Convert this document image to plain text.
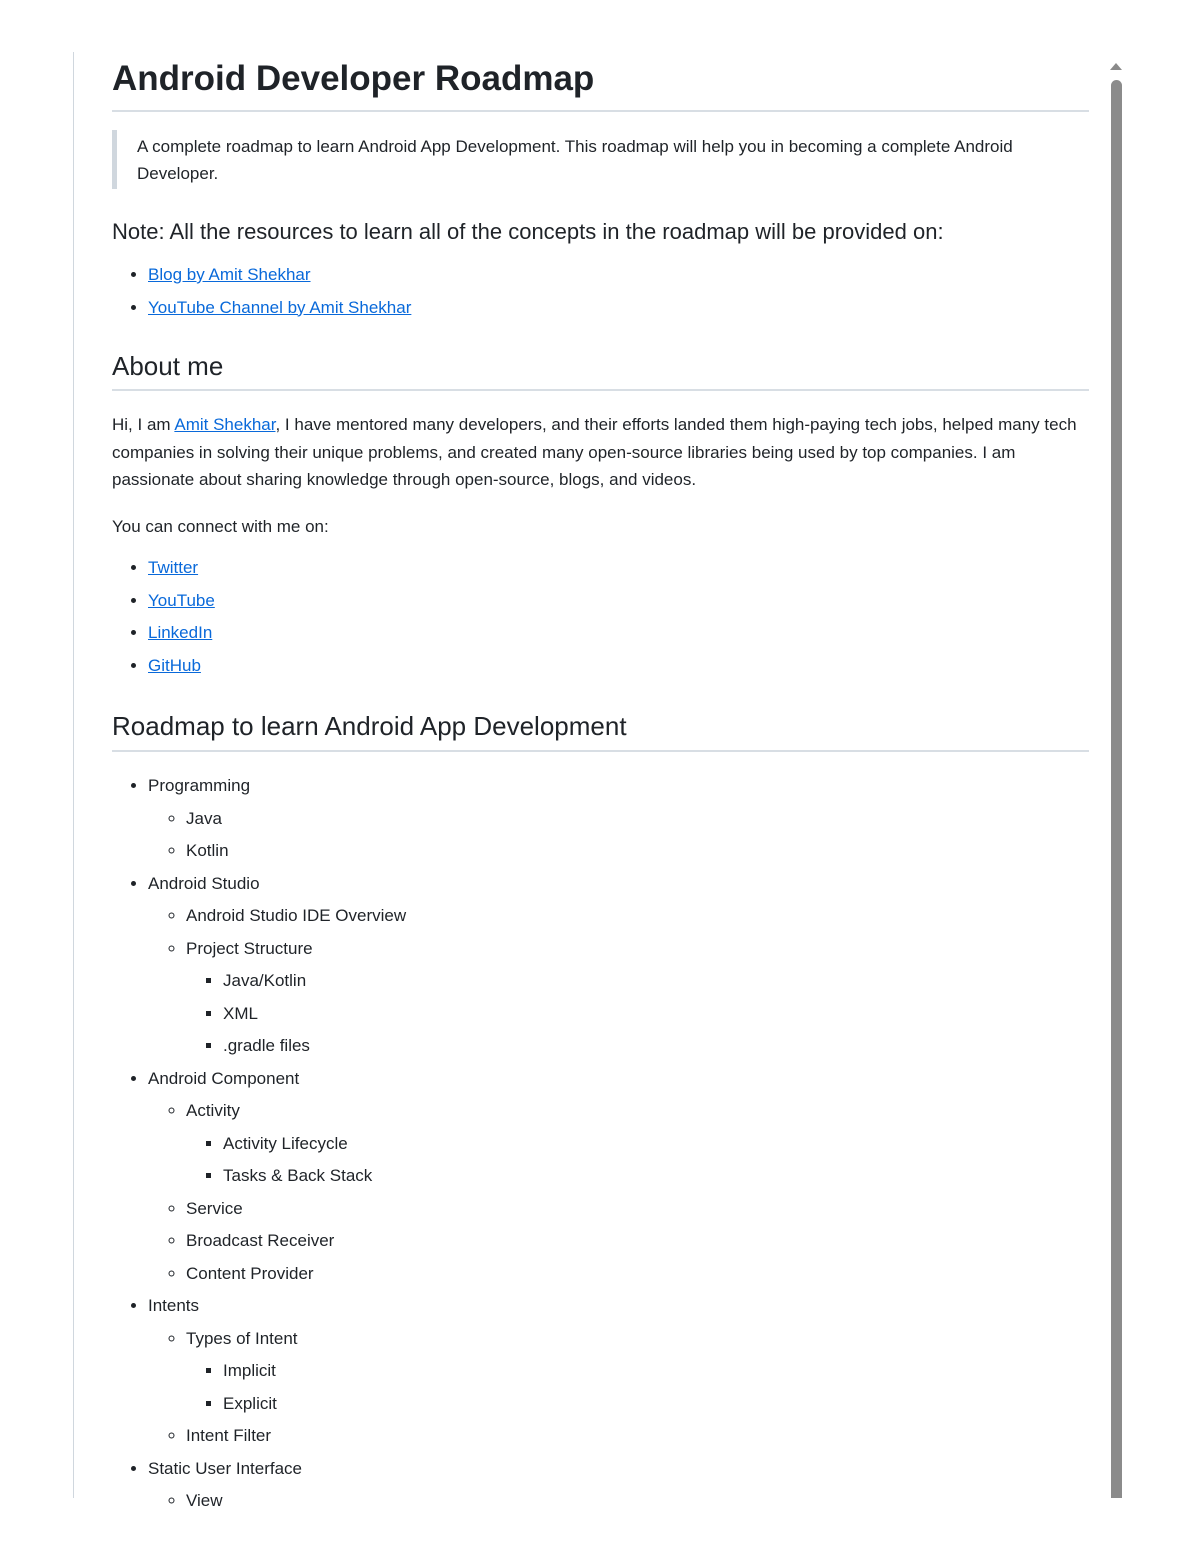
Android Developer Roadmap
A complete roadmap to learn Android App Development. This roadmap will help you in becoming a complete Android Developer.
Note: All the resources to learn all of the concepts in the roadmap will be provided on:
• Blog by Amit Shekhar
• YouTube Channel by Amit Shekhar
About me

Hi, I am Amit Shekhar, I have mentored many developers, and their efforts landed them high-paying tech jobs, helped many tech companies in solving their unique problems, and created many open-source libraries being used by top companies. I am passionate about sharing knowledge through open-source, blogs, and videos.

You can connect with me on:

• Twitter
• YouTube
• LinkedIn
• GitHub
Roadmap to learn Android App Development
• Programming
◦ Java
◦ Kotlin
• Android Studio
◦ Android Studio IDE Overview
◦ Project Structure
▪ Java/Kotlin
▪ XML
▪ .gradle files
• Android Component
◦ Activity
▪ Activity Lifecycle
▪ Tasks & Back Stack
◦ Service
◦ Broadcast Receiver
◦ Content Provider
• Intents
◦ Types of Intent
▪ Implicit
▪ Explicit
◦ Intent Filter
• Static User Interface
◦ View
